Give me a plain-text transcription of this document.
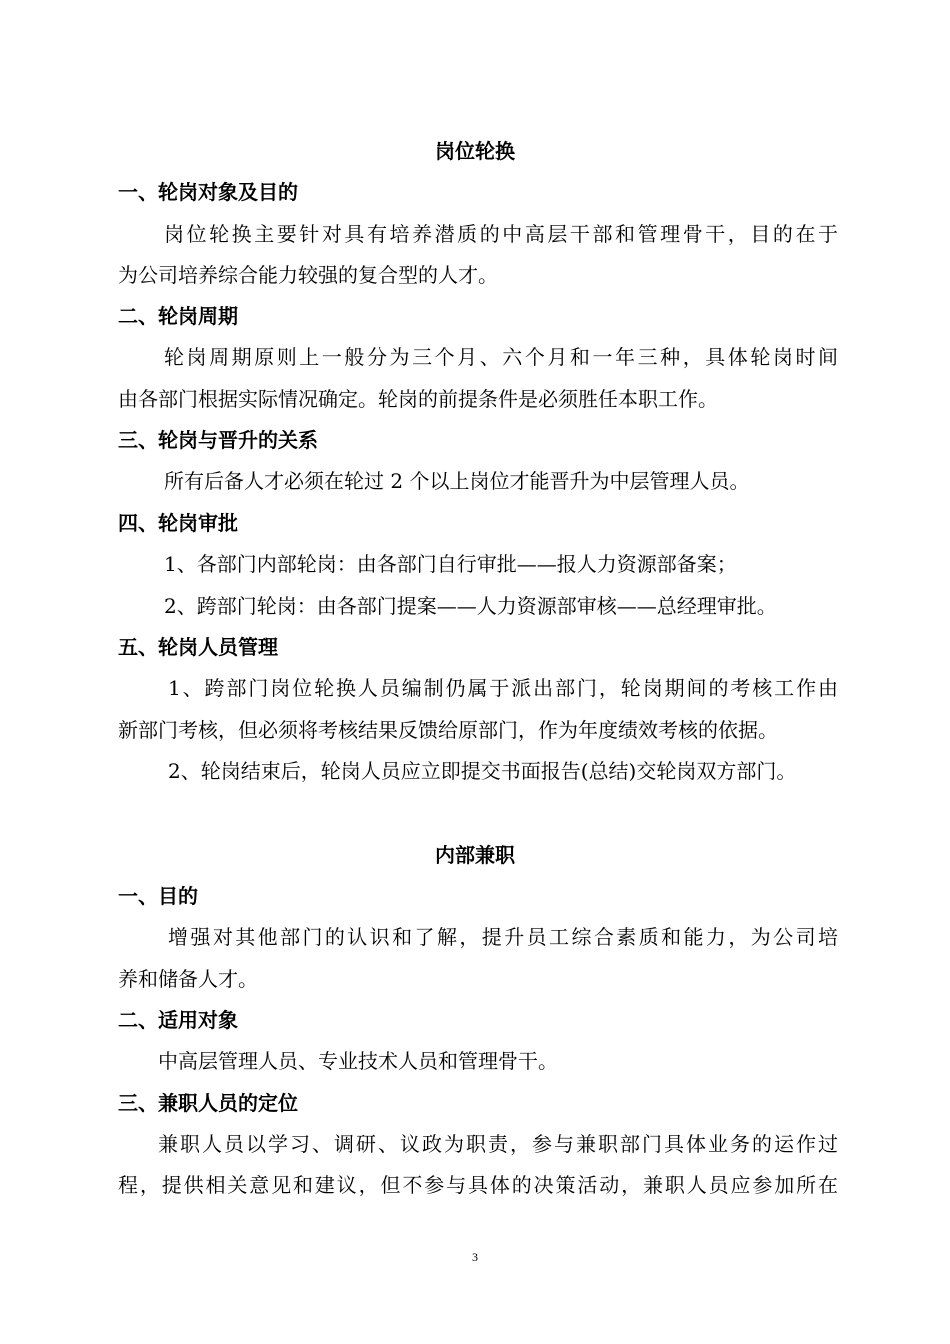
岗位轮换
一、轮岗对象及目的
岗位轮换主要针对具有培养潜质的中高层干部和管理骨干，目的在于
为公司培养综合能力较强的复合型的人才。
二、轮岗周期
轮岗周期原则上一般分为三个月、六个月和一年三种，具体轮岗时间
由各部门根据实际情况确定。轮岗的前提条件是必须胜任本职工作。
三、轮岗与晋升的关系
所有后备人才必须在轮过 2 个以上岗位才能晋升为中层管理人员。
四、轮岗审批
1、各部门内部轮岗：由各部门自行审批——报人力资源部备案；
2、跨部门轮岗：由各部门提案——人力资源部审核——总经理审批。
五、轮岗人员管理
1、跨部门岗位轮换人员编制仍属于派出部门，轮岗期间的考核工作由
新部门考核，但必须将考核结果反馈给原部门，作为年度绩效考核的依据。
2、轮岗结束后，轮岗人员应立即提交书面报告(总结)交轮岗双方部门。
内部兼职
一、目的
增强对其他部门的认识和了解，提升员工综合素质和能力，为公司培
养和储备人才。
二、适用对象
中高层管理人员、专业技术人员和管理骨干。
三、兼职人员的定位
兼职人员以学习、调研、议政为职责，参与兼职部门具体业务的运作过
程，提供相关意见和建议，但不参与具体的决策活动，兼职人员应参加所在
3
